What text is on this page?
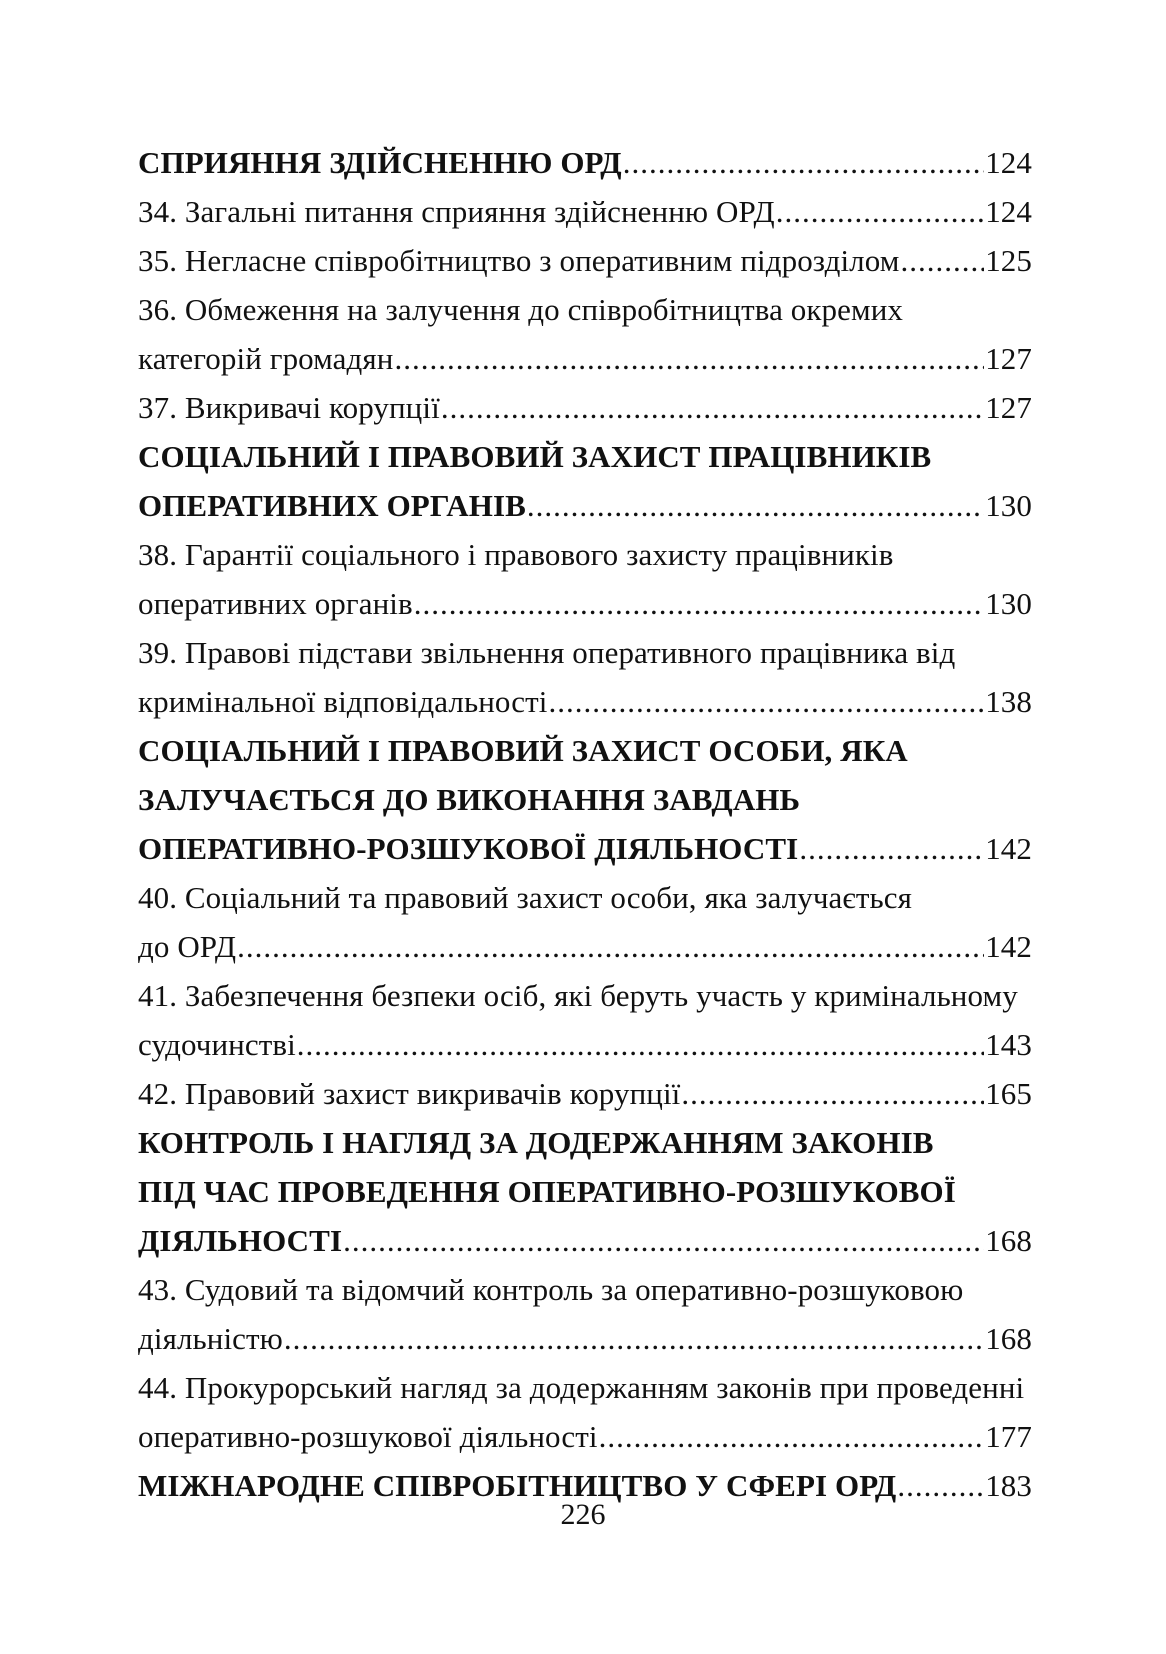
СПРИЯННЯ ЗДІЙСНЕННЮ ОРД .....	124
34. Загальні питання сприяння здійсненню ОРД .....	124
35. Негласне співробітництво з оперативним підрозділом .....	125
36. Обмеження на залучення до співробітництва окремих
категорій громадян .....	127
37. Викривачі корупції .....	127
СОЦІАЛЬНИЙ І ПРАВОВИЙ ЗАХИСТ ПРАЦІВНИКІВ
ОПЕРАТИВНИХ ОРГАНІВ .....	130
38. Гарантії соціального і правового захисту працівників
оперативних органів .....	130
39. Правові підстави звільнення оперативного працівника від
кримінальної відповідальності .....	138
СОЦІАЛЬНИЙ І ПРАВОВИЙ ЗАХИСТ ОСОБИ, ЯКА
ЗАЛУЧАЄТЬСЯ ДО ВИКОНАННЯ ЗАВДАНЬ
ОПЕРАТИВНО-РОЗШУКОВОЇ ДІЯЛЬНОСТІ .....	142
40. Соціальний та правовий захист особи, яка залучається
до ОРД .....	142
41. Забезпечення безпеки осіб, які беруть участь у кримінальному
судочинстві .....	143
42. Правовий захист викривачів корупції .....	165
КОНТРОЛЬ І НАГЛЯД ЗА ДОДЕРЖАННЯМ ЗАКОНІВ
ПІД ЧАС ПРОВЕДЕННЯ ОПЕРАТИВНО-РОЗШУКОВОЇ
ДІЯЛЬНОСТІ .....	168
43. Судовий та відомчий контроль за оперативно-розшуковою
діяльністю .....	168
44. Прокурорський нагляд за додержанням законів при проведенні
оперативно-розшукової діяльності .....	177
МІЖНАРОДНЕ СПІВРОБІТНИЦТВО У СФЕРІ ОРД .....	183
226
